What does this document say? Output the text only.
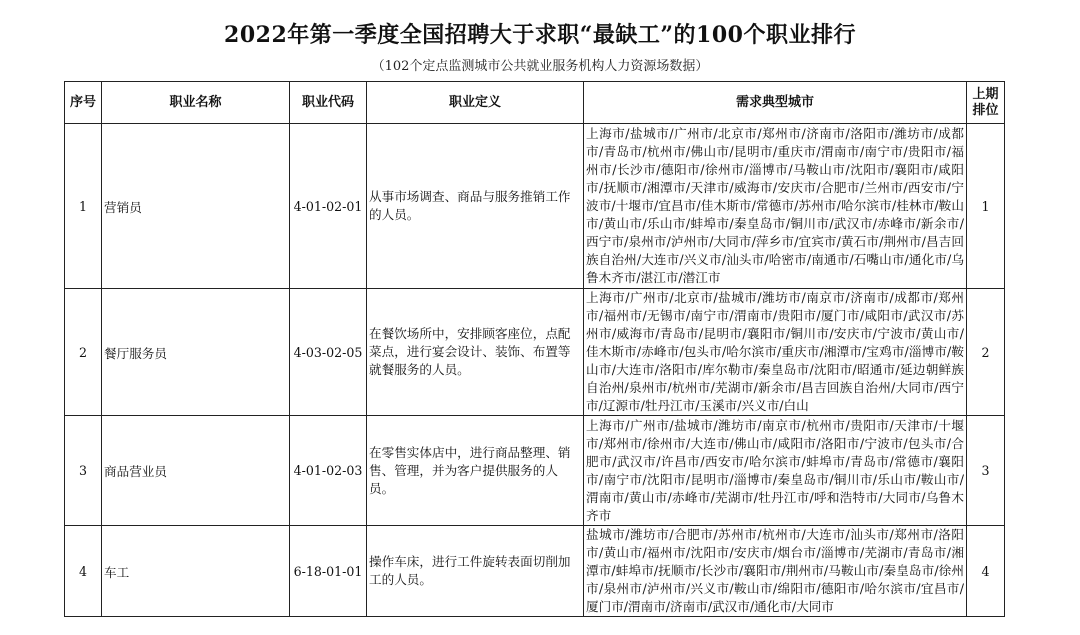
2022年第一季度全国招聘大于求职“最缺工”的100个职业排行
（102个定点监测城市公共就业服务机构人力资源场数据）
序号	职业名称	职业代码	职业定义	需求典型城市	上期排位
1	营销员	4-01-02-01	从事市场调查、商品与服务推销工作的人员。	上海市/盐城市/广州市/北京市/郑州市/济南市/洛阳市/潍坊市/成都市/青岛市/杭州市/佛山市/昆明市/重庆市/渭南市/南宁市/贵阳市/福州市/长沙市/德阳市/徐州市/淄博市/马鞍山市/沈阳市/襄阳市/咸阳市/抚顺市/湘潭市/天津市/威海市/安庆市/合肥市/兰州市/西安市/宁波市/十堰市/宜昌市/佳木斯市/常德市/苏州市/哈尔滨市/桂林市/鞍山市/黄山市/乐山市/蚌埠市/秦皇岛市/铜川市/武汉市/赤峰市/新余市/西宁市/泉州市/泸州市/大同市/萍乡市/宜宾市/黄石市/荆州市/昌吉回族自治州/大连市/兴义市/汕头市/哈密市/南通市/石嘴山市/通化市/乌鲁木齐市/湛江市/潜江市	1
2	餐厅服务员	4-03-02-05	在餐饮场所中，安排顾客座位，点配菜点，进行宴会设计、装饰、布置等就餐服务的人员。	上海市/广州市/北京市/盐城市/潍坊市/南京市/济南市/成都市/郑州市/福州市/无锡市/南宁市/渭南市/贵阳市/厦门市/咸阳市/武汉市/苏州市/威海市/青岛市/昆明市/襄阳市/铜川市/安庆市/宁波市/黄山市/佳木斯市/赤峰市/包头市/哈尔滨市/重庆市/湘潭市/宝鸡市/淄博市/鞍山市/大连市/洛阳市/库尔勒市/秦皇岛市/沈阳市/昭通市/延边朝鲜族自治州/泉州市/杭州市/芜湖市/新余市/昌吉回族自治州/大同市/西宁市/辽源市/牡丹江市/玉溪市/兴义市/白山	2
3	商品营业员	4-01-02-03	在零售实体店中，进行商品整理、销售、管理，并为客户提供服务的人员。	上海市/广州市/盐城市/潍坊市/南京市/杭州市/贵阳市/天津市/十堰市/郑州市/徐州市/大连市/佛山市/咸阳市/洛阳市/宁波市/包头市/合肥市/武汉市/许昌市/西安市/哈尔滨市/蚌埠市/青岛市/常德市/襄阳市/南宁市/沈阳市/昆明市/淄博市/秦皇岛市/铜川市/乐山市/鞍山市/渭南市/黄山市/赤峰市/芜湖市/牡丹江市/呼和浩特市/大同市/乌鲁木齐市	3
4	车工	6-18-01-01	操作车床，进行工件旋转表面切削加工的人员。	盐城市/潍坊市/合肥市/苏州市/杭州市/大连市/汕头市/郑州市/洛阳市/黄山市/福州市/沈阳市/安庆市/烟台市/淄博市/芜湖市/青岛市/湘潭市/蚌埠市/抚顺市/长沙市/襄阳市/荆州市/马鞍山市/秦皇岛市/徐州市/泉州市/泸州市/兴义市/鞍山市/绵阳市/德阳市/哈尔滨市/宜昌市/厦门市/渭南市/济南市/武汉市/通化市/大同市	4
